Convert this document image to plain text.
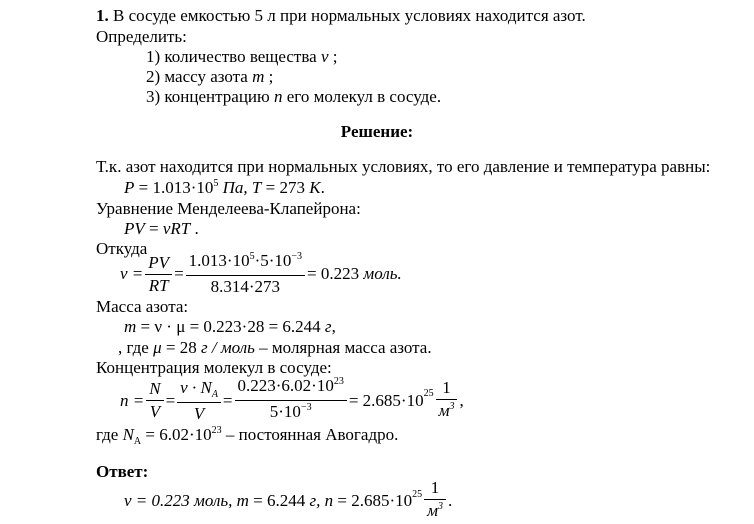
1. В сосуде емкостью 5 л при нормальных условиях находится азот.
Определить:
1) количество вещества ν ;
2) массу азота m ;
3) концентрацию n его молекул в сосуде.
Решение:
Т.к. азот находится при нормальных условиях, то его давление и температура равны:
$P = 1.013\cdot 10^5$ Па, T = 273 K.
Уравнение Менделеева-Клапейрона:
PV = νRT .
Откуда
$\nu = \frac{PV}{RT} = \frac{1.013\cdot 10^5\cdot 5\cdot 10^{-3}}{8.314\cdot 273} = 0.223$
моль.
Масса азота:
m = ν · μ = 0.223·28 = 6.244 г,
, где μ = 28 г / моль – молярная масса азота.
Концентрация молекул в сосуде:
$n = \frac{N}{V} = \frac{\nu \cdot N_A}{V} = \frac{0.223\cdot 6.02\cdot 10^{23}}{5\cdot 10^{-3}} = 2.685\cdot 10^{25} \frac{1}{м^3}$ ,
где $N_A = 6.02\cdot 10^{23}$ – постоянная Авогадро.
Ответ:
ν = 0.223
моль , m
= 6.244
г , n
= $2.685\cdot 10^{25} \frac{1}{м^3}$ .
